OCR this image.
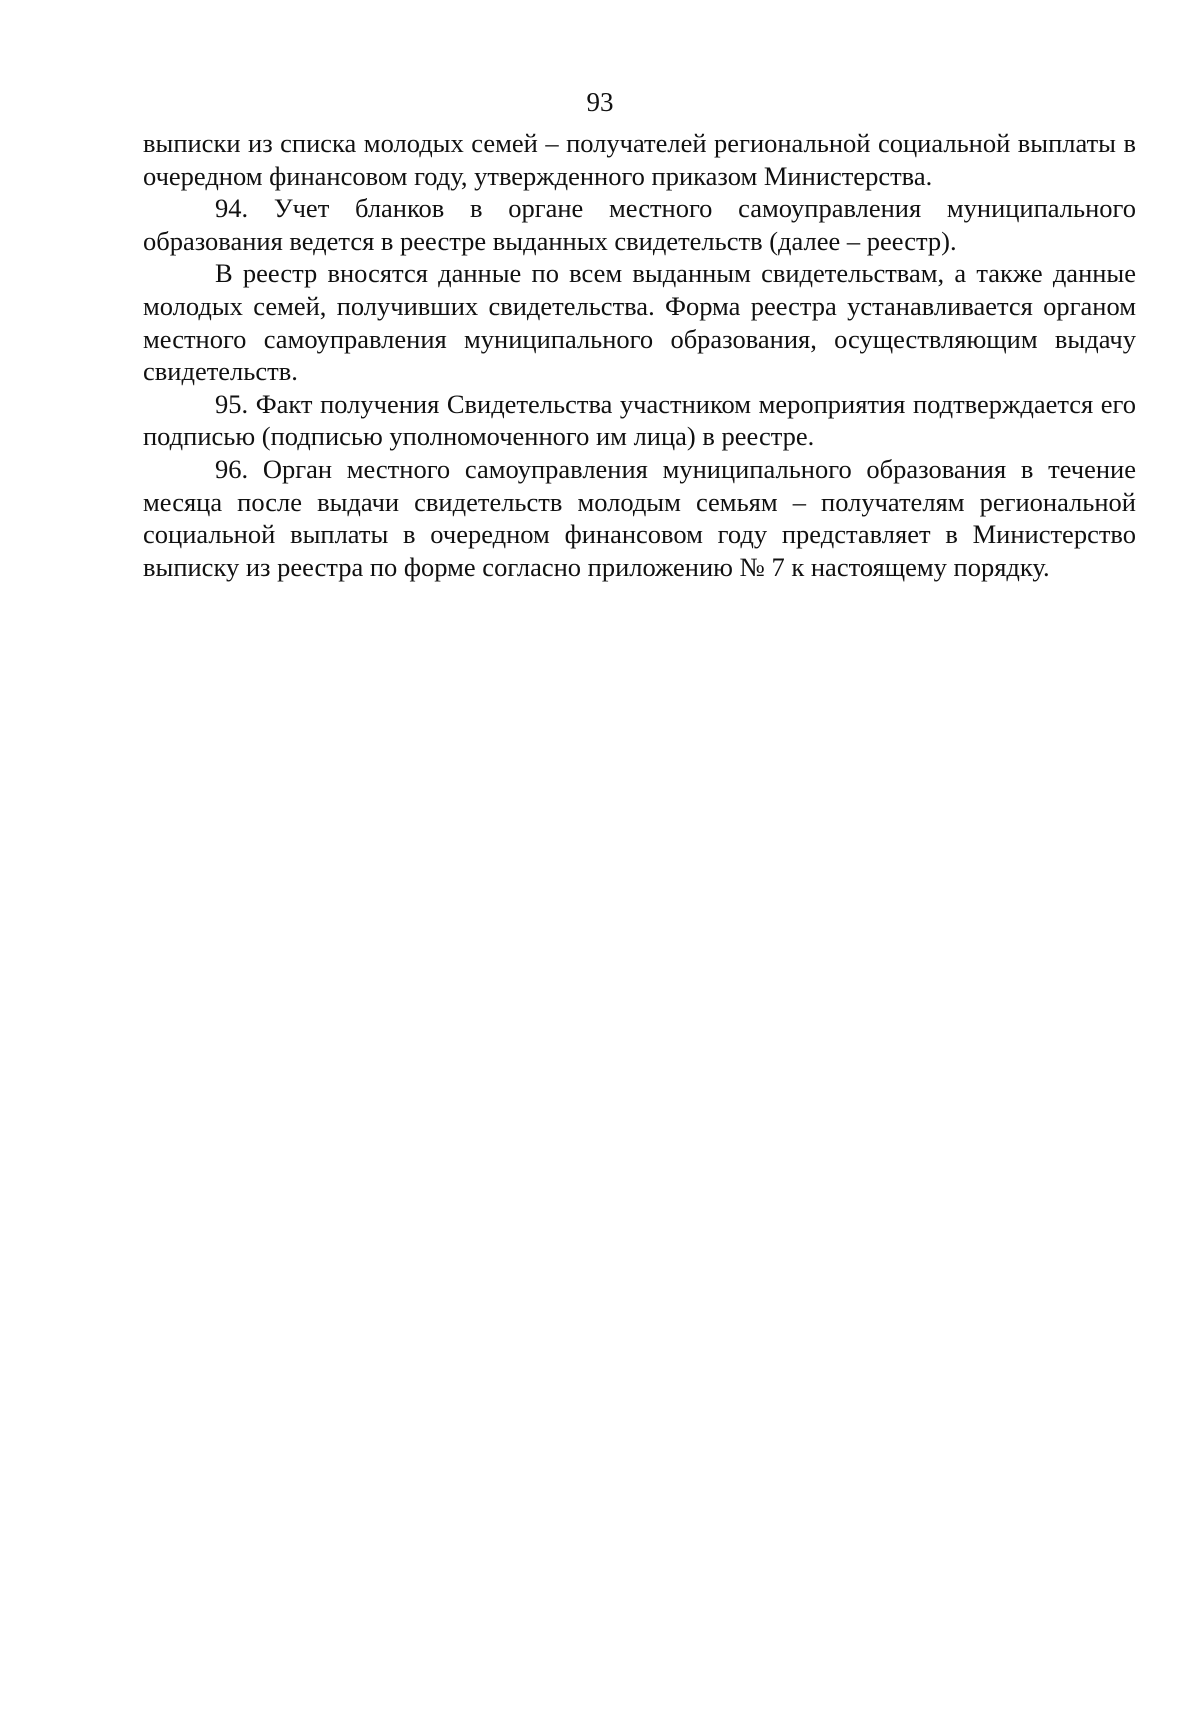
93

выписки из списка молодых семей – получателей региональной социальной выплаты в очередном финансовом году, утвержденного приказом Министерства.

94. Учет бланков в органе местного самоуправления муниципального образования ведется в реестре выданных свидетельств (далее – реестр).

В реестр вносятся данные по всем выданным свидетельствам, а также данные молодых семей, получивших свидетельства. Форма реестра устанавливается органом местного самоуправления муниципального образования, осуществляющим выдачу свидетельств.

95. Факт получения Свидетельства участником мероприятия подтверждается его подписью (подписью уполномоченного им лица) в реестре.

96. Орган местного самоуправления муниципального образования в течение месяца после выдачи свидетельств молодым семьям – получателям региональной социальной выплаты в очередном финансовом году представляет в Министерство выписку из реестра по форме согласно приложению № 7 к настоящему порядку.
